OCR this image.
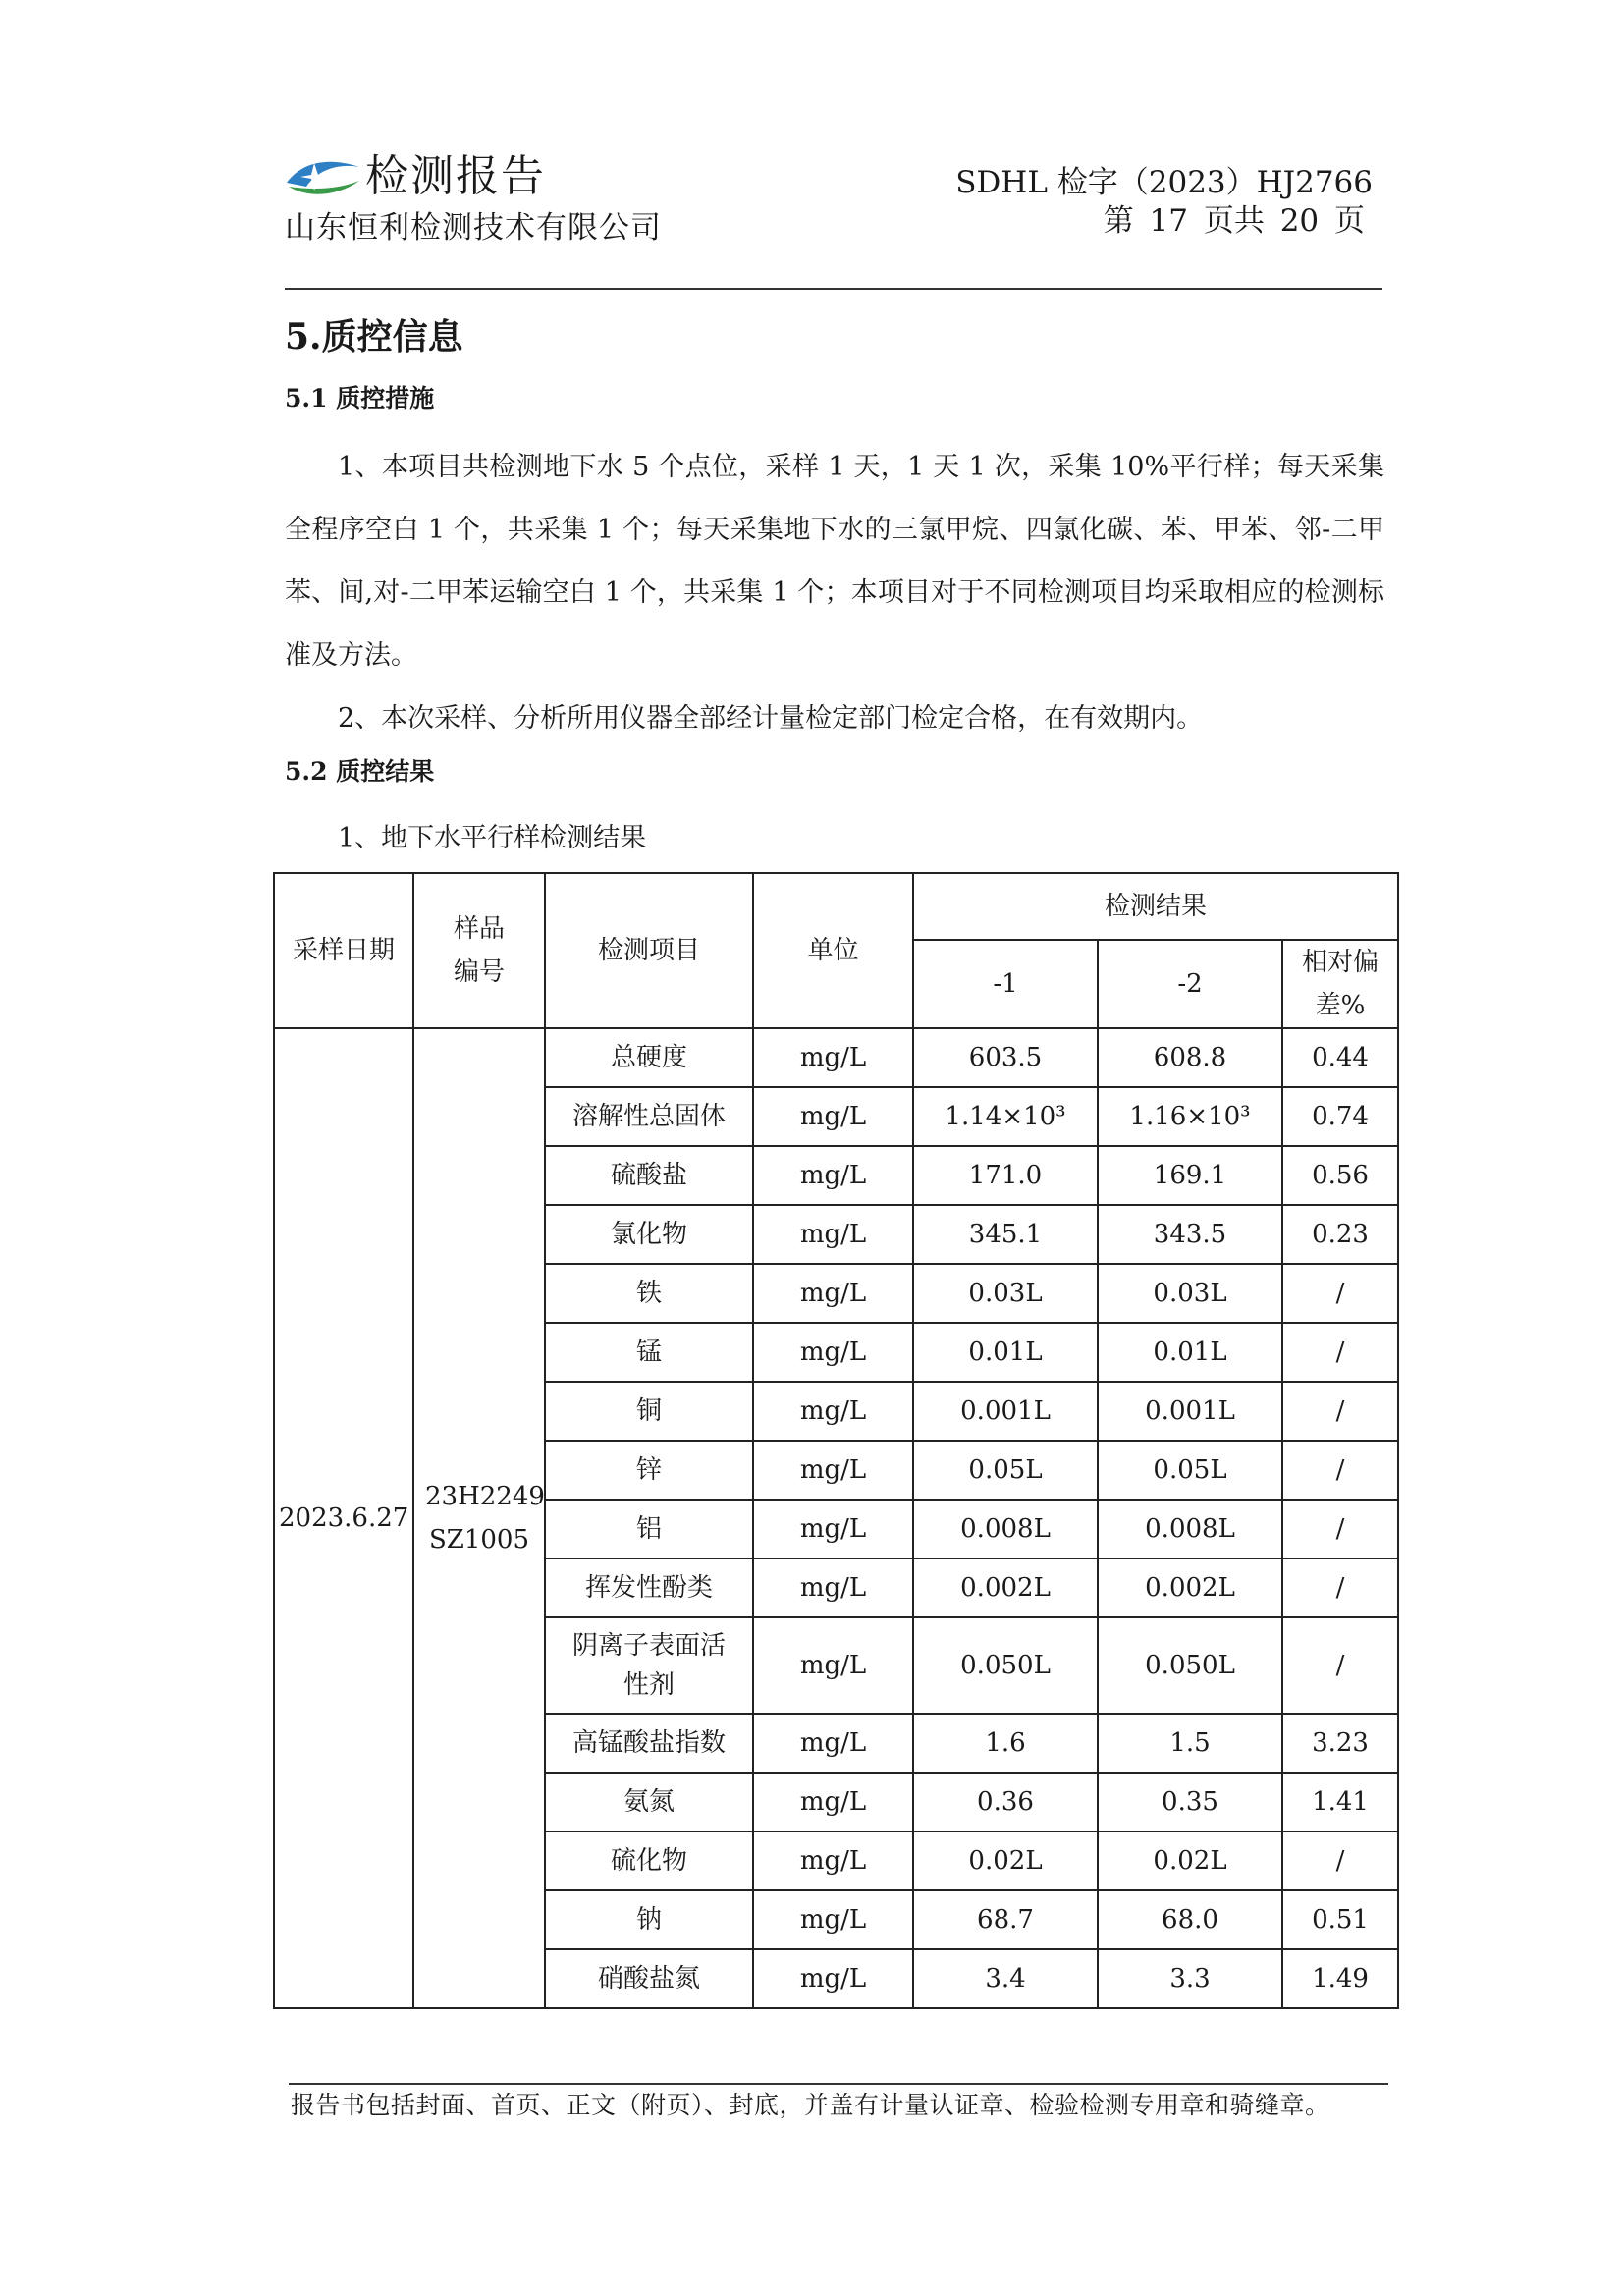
检测报告
山东恒利检测技术有限公司
SDHL 检字（2023）HJ2766
第 17 页共 20 页
5.质控信息
5.1 质控措施
1、本项目共检测地下水 5 个点位，采样 1 天，1 天 1 次，采集 10%平行样；每天采集全程序空白 1 个，共采集 1 个；每天采集地下水的三氯甲烷、四氯化碳、苯、甲苯、邻-二甲苯、间,对-二甲苯运输空白 1 个，共采集 1 个；本项目对于不同检测项目均采取相应的检测标准及方法。
2、本次采样、分析所用仪器全部经计量检定部门检定合格，在有效期内。
5.2 质控结果
1、地下水平行样检测结果
采样日期	样品编号	检测项目	单位	检测结果		
				-1	-2	相对偏差%
2023.6.27	23H2249 SZ1005	总硬度	mg/L	603.5	608.8	0.44
		溶解性总固体	mg/L	1.14×10³	1.16×10³	0.74
		硫酸盐	mg/L	171.0	169.1	0.56
		氯化物	mg/L	345.1	343.5	0.23
		铁	mg/L	0.03L	0.03L	/
		锰	mg/L	0.01L	0.01L	/
		铜	mg/L	0.001L	0.001L	/
		锌	mg/L	0.05L	0.05L	/
		铝	mg/L	0.008L	0.008L	/
		挥发性酚类	mg/L	0.002L	0.002L	/
		阴离子表面活性剂	mg/L	0.050L	0.050L	/
		高锰酸盐指数	mg/L	1.6	1.5	3.23
		氨氮	mg/L	0.36	0.35	1.41
		硫化物	mg/L	0.02L	0.02L	/
		钠	mg/L	68.7	68.0	0.51
		硝酸盐氮	mg/L	3.4	3.3	1.49
报告书包括封面、首页、正文（附页）、封底，并盖有计量认证章、检验检测专用章和骑缝章。
